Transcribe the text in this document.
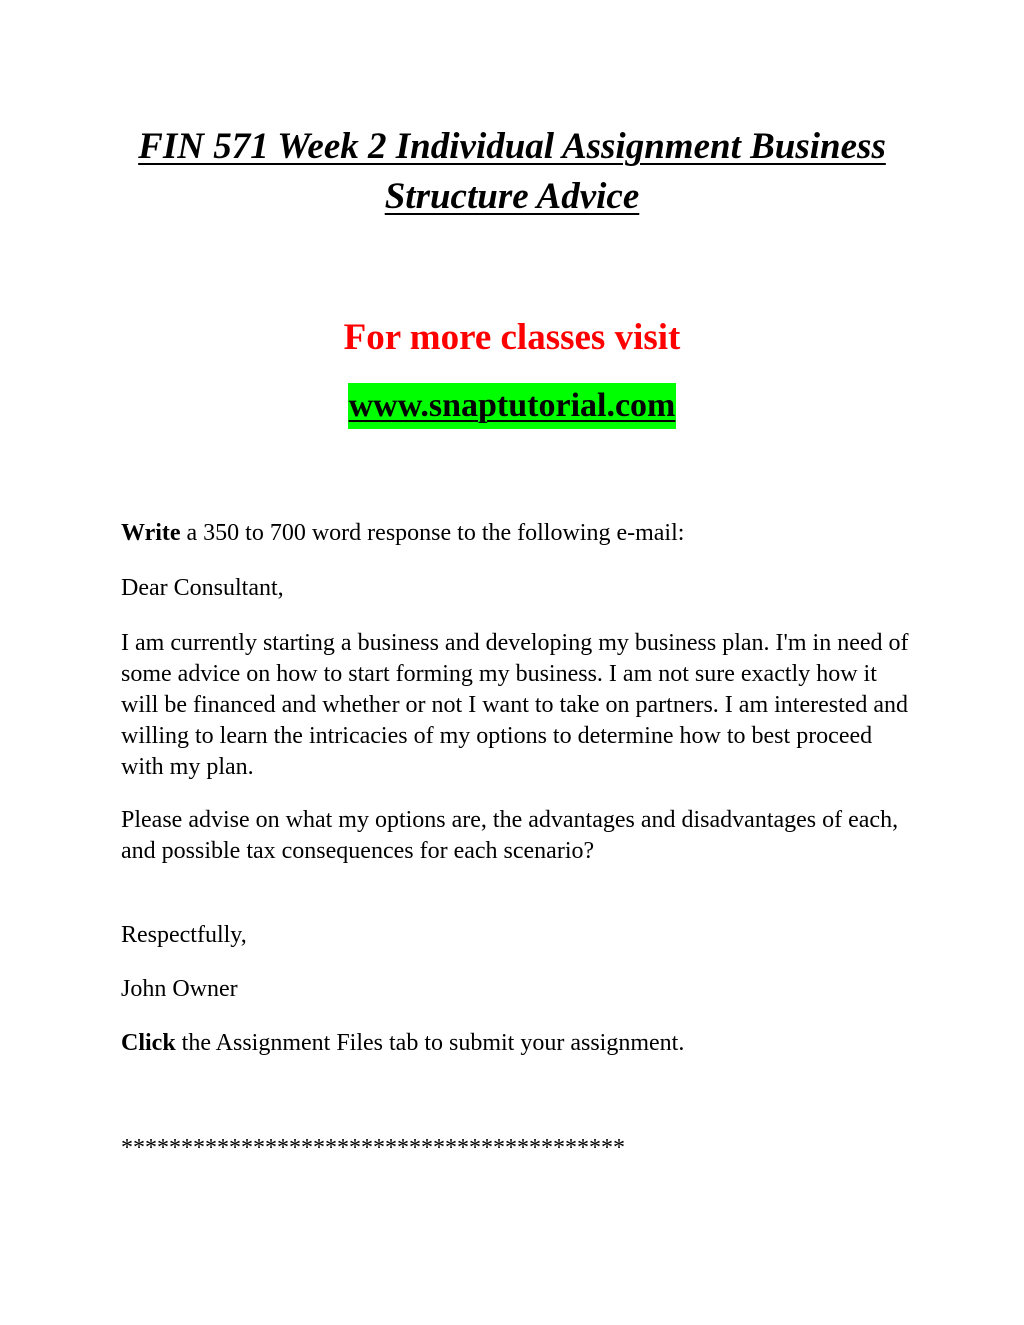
FIN 571 Week 2 Individual Assignment Business
Structure Advice

For more classes visit

www.snaptutorial.com

Write a 350 to 700 word response to the following e-mail:

Dear Consultant,

I am currently starting a business and developing my business plan. I'm in need of some advice on how to start forming my business. I am not sure exactly how it will be financed and whether or not I want to take on partners. I am interested and willing to learn the intricacies of my options to determine how to best proceed with my plan.

Please advise on what my options are, the advantages and disadvantages of each, and possible tax consequences for each scenario?

Respectfully,

John Owner

Click the Assignment Files tab to submit your assignment.

******************************************
